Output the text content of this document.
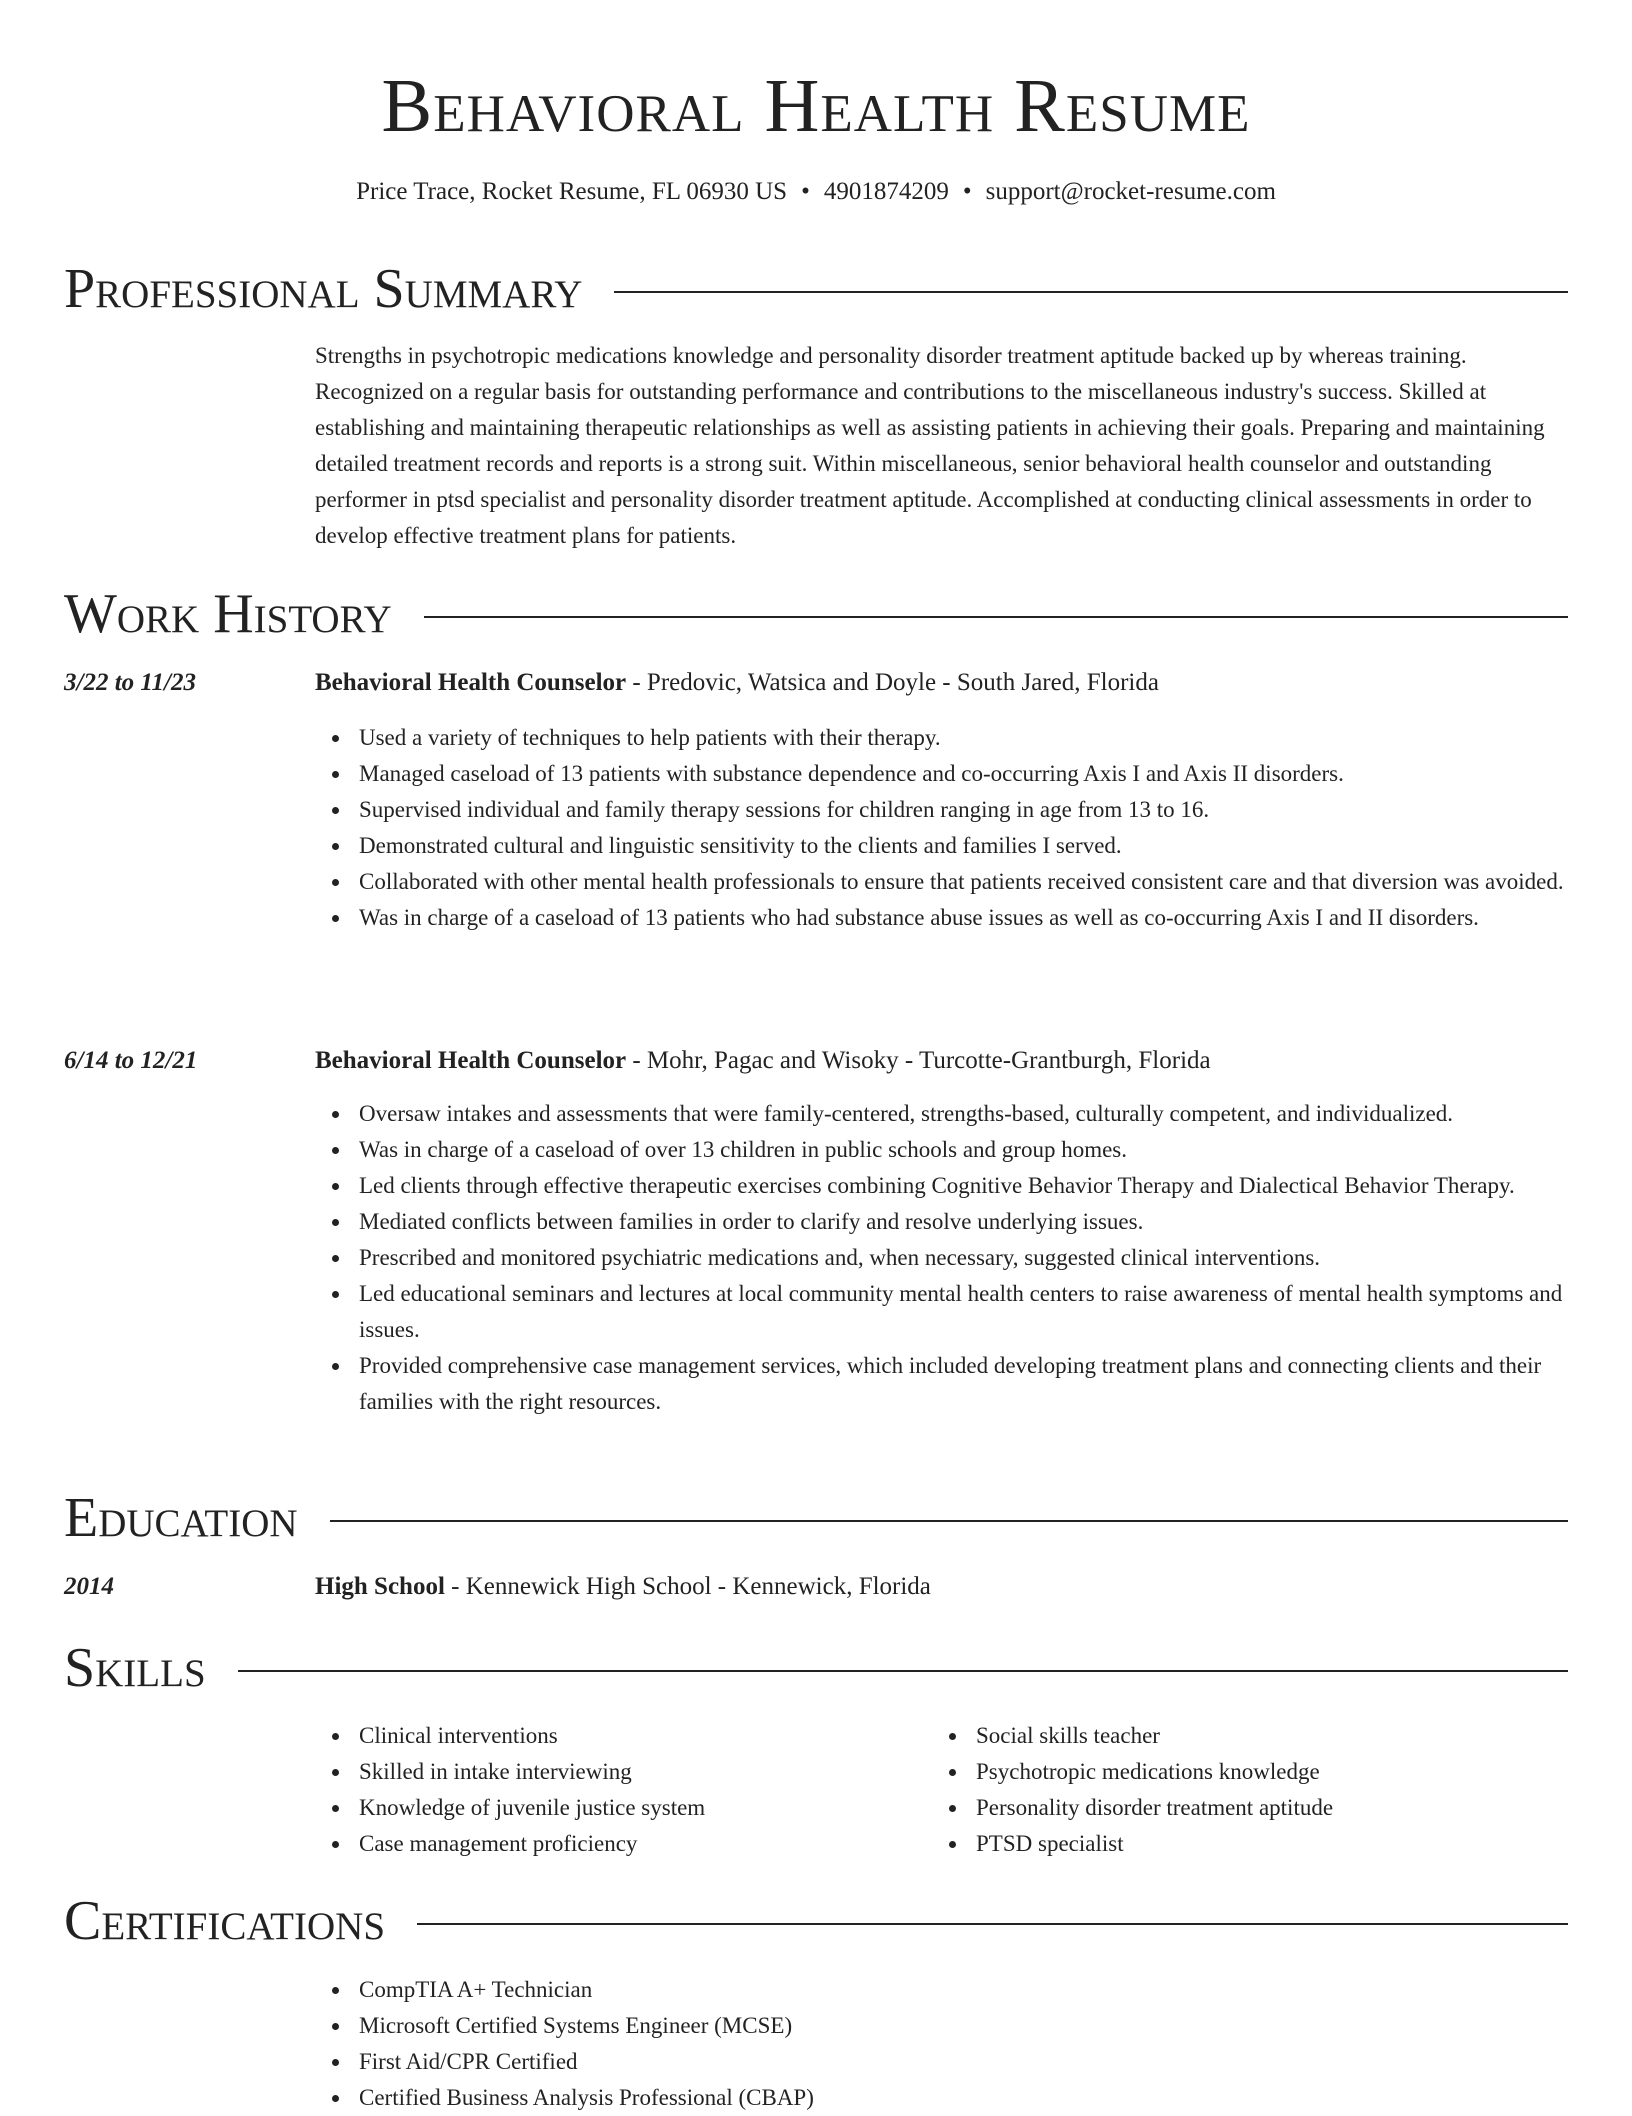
Behavioral Health Resume
Price Trace, Rocket Resume, FL 06930 US • 4901874209 • support@rocket-resume.com
Professional Summary
Strengths in psychotropic medications knowledge and personality disorder treatment aptitude backed up by whereas training. Recognized on a regular basis for outstanding performance and contributions to the miscellaneous industry's success. Skilled at establishing and maintaining therapeutic relationships as well as assisting patients in achieving their goals. Preparing and maintaining detailed treatment records and reports is a strong suit. Within miscellaneous, senior behavioral health counselor and outstanding performer in ptsd specialist and personality disorder treatment aptitude. Accomplished at conducting clinical assessments in order to develop effective treatment plans for patients.
Work History
3/22 to 11/23	Behavioral Health Counselor - Predovic, Watsica and Doyle - South Jared, Florida
Used a variety of techniques to help patients with their therapy.
Managed caseload of 13 patients with substance dependence and co-occurring Axis I and Axis II disorders.
Supervised individual and family therapy sessions for children ranging in age from 13 to 16.
Demonstrated cultural and linguistic sensitivity to the clients and families I served.
Collaborated with other mental health professionals to ensure that patients received consistent care and that diversion was avoided.
Was in charge of a caseload of 13 patients who had substance abuse issues as well as co-occurring Axis I and II disorders.
6/14 to 12/21	Behavioral Health Counselor - Mohr, Pagac and Wisoky - Turcotte-Grantburgh, Florida
Oversaw intakes and assessments that were family-centered, strengths-based, culturally competent, and individualized.
Was in charge of a caseload of over 13 children in public schools and group homes.
Led clients through effective therapeutic exercises combining Cognitive Behavior Therapy and Dialectical Behavior Therapy.
Mediated conflicts between families in order to clarify and resolve underlying issues.
Prescribed and monitored psychiatric medications and, when necessary, suggested clinical interventions.
Led educational seminars and lectures at local community mental health centers to raise awareness of mental health symptoms and issues.
Provided comprehensive case management services, which included developing treatment plans and connecting clients and their families with the right resources.
Education
2014	High School - Kennewick High School - Kennewick, Florida
Skills
Clinical interventions
Skilled in intake interviewing
Knowledge of juvenile justice system
Case management proficiency
Social skills teacher
Psychotropic medications knowledge
Personality disorder treatment aptitude
PTSD specialist
Certifications
CompTIA A+ Technician
Microsoft Certified Systems Engineer (MCSE)
First Aid/CPR Certified
Certified Business Analysis Professional (CBAP)
